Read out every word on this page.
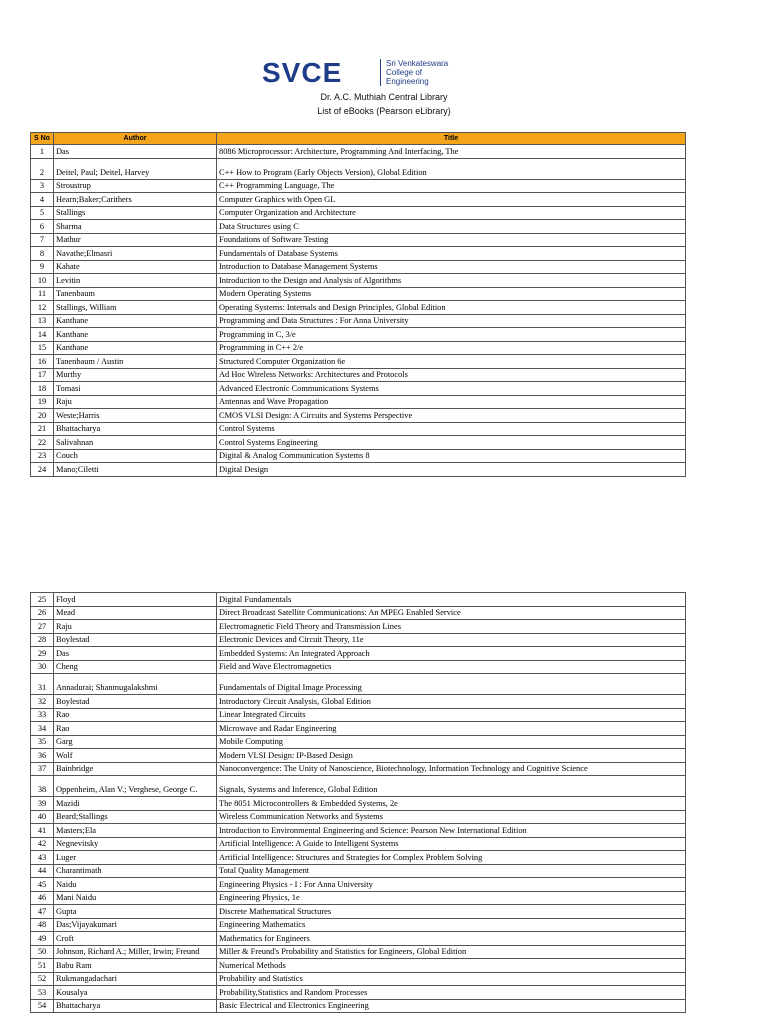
SVCE	Sri Venkateswara
College of
Engineering
Dr. A.C. Muthiah Central Library
List of eBooks (Pearson eLibrary)
S No	Author	Title
1	Das	8086 Microprocessor: Architecture, Programming And Interfacing, The
2	Deitel, Paul; Deitel, Harvey	C++ How to Program (Early Objects Version), Global Edition
3	Stroustrup	C++ Programming Language, The
4	Hearn;Baker;Carithers	Computer Graphics with Open GL
5	Stallings	Computer Organization and Architecture
6	Sharma	Data Structures using C
7	Mathur	Foundations of Software Testing
8	Navathe;Elmasri	Fundamentals of Database Systems
9	Kahate	Introduction to Database Management Systems
10	Levitin	Introduction to the Design and Analysis of Algorithms
11	Tanenbaum	Modern Operating Systems
12	Stallings, William	Operating Systems: Internals and Design Principles, Global Edition
13	Kanthane	Programming and Data Structures : For Anna University
14	Kanthane	Programming in C, 3/e
15	Kanthane	Programming in C++ 2/e
16	Tanenbaum / Austin	Structured Computer Organization 6e
17	Murthy	Ad Hoc Wireless Networks: Architectures and Protocols
18	Tomasi	Advanced Electronic Communications Systems
19	Raju	Antennas and Wave Propagation
20	Weste;Harris	CMOS VLSI Design: A Circuits and Systems Perspective
21	Bhattacharya	Control Systems
22	Salivahnan	Control Systems Engineering
23	Couch	Digital & Analog Communication Systems 8
24	Mano;Ciletti	Digital Design
25	Floyd	Digital Fundamentals
26	Mead	Direct Broadcast Satellite Communications: An MPEG Enabled Service
27	Raju	Electromagnetic Field Theory and Transmission Lines
28	Boylestad	Electronic Devices and Circuit Theory, 11e
29	Das	Embedded Systems: An Integrated Approach
30	Cheng	Field and Wave Electromagnetics
31	Annadurai; Shanmugalakshmi	Fundamentals of Digital Image Processing
32	Boylestad	Introductory Circuit Analysis, Global Edition
33	Rao	Linear Integrated Circuits
34	Rao	Microwave and Radar Engineering
35	Garg	Mobile Computing
36	Wolf	Modern VLSI Design: IP-Based Design
37	Bainbridge	Nanoconvergence: The Unity of Nanoscience, Biotechnology, Information Technology and Cognitive Science
38	Oppenheim, Alan V.; Verghese, George C.	Signals, Systems and Inference, Global Edition
39	Mazidi	The 8051 Microcontrollers & Embedded Systems, 2e
40	Beard;Stallings	Wireless Communication Networks and Systems
41	Masters;Ela	Introduction to Environmental Engineering and Science: Pearson New International Edition
42	Negnevitsky	Artificial Intelligence: A Guide to Intelligent Systems
43	Luger	Artificial Intelligence: Structures and Strategies for Complex Problem Solving
44	Charantimath	Total Quality Management
45	Naidu	Engineering Physics - I : For Anna University
46	Mani Naidu	Engineering Physics, 1e
47	Gupta	Discrete Mathematical Structures
48	Das;Vijayakumari	Engineering Mathematics
49	Croft	Mathematics for Engineers
50	Johnson, Richard A.; Miller, Irwin; Freund	Miller & Freund's Probability and Statistics for Engineers, Global Edition
51	Babu Ram	Numerical Methods
52	Rukmangadachari	Probability and Statistics
53	Kousalya	Probability,Statistics and Random Processes
54	Bhattacharya	Basic Electrical and Electronics Engineering
